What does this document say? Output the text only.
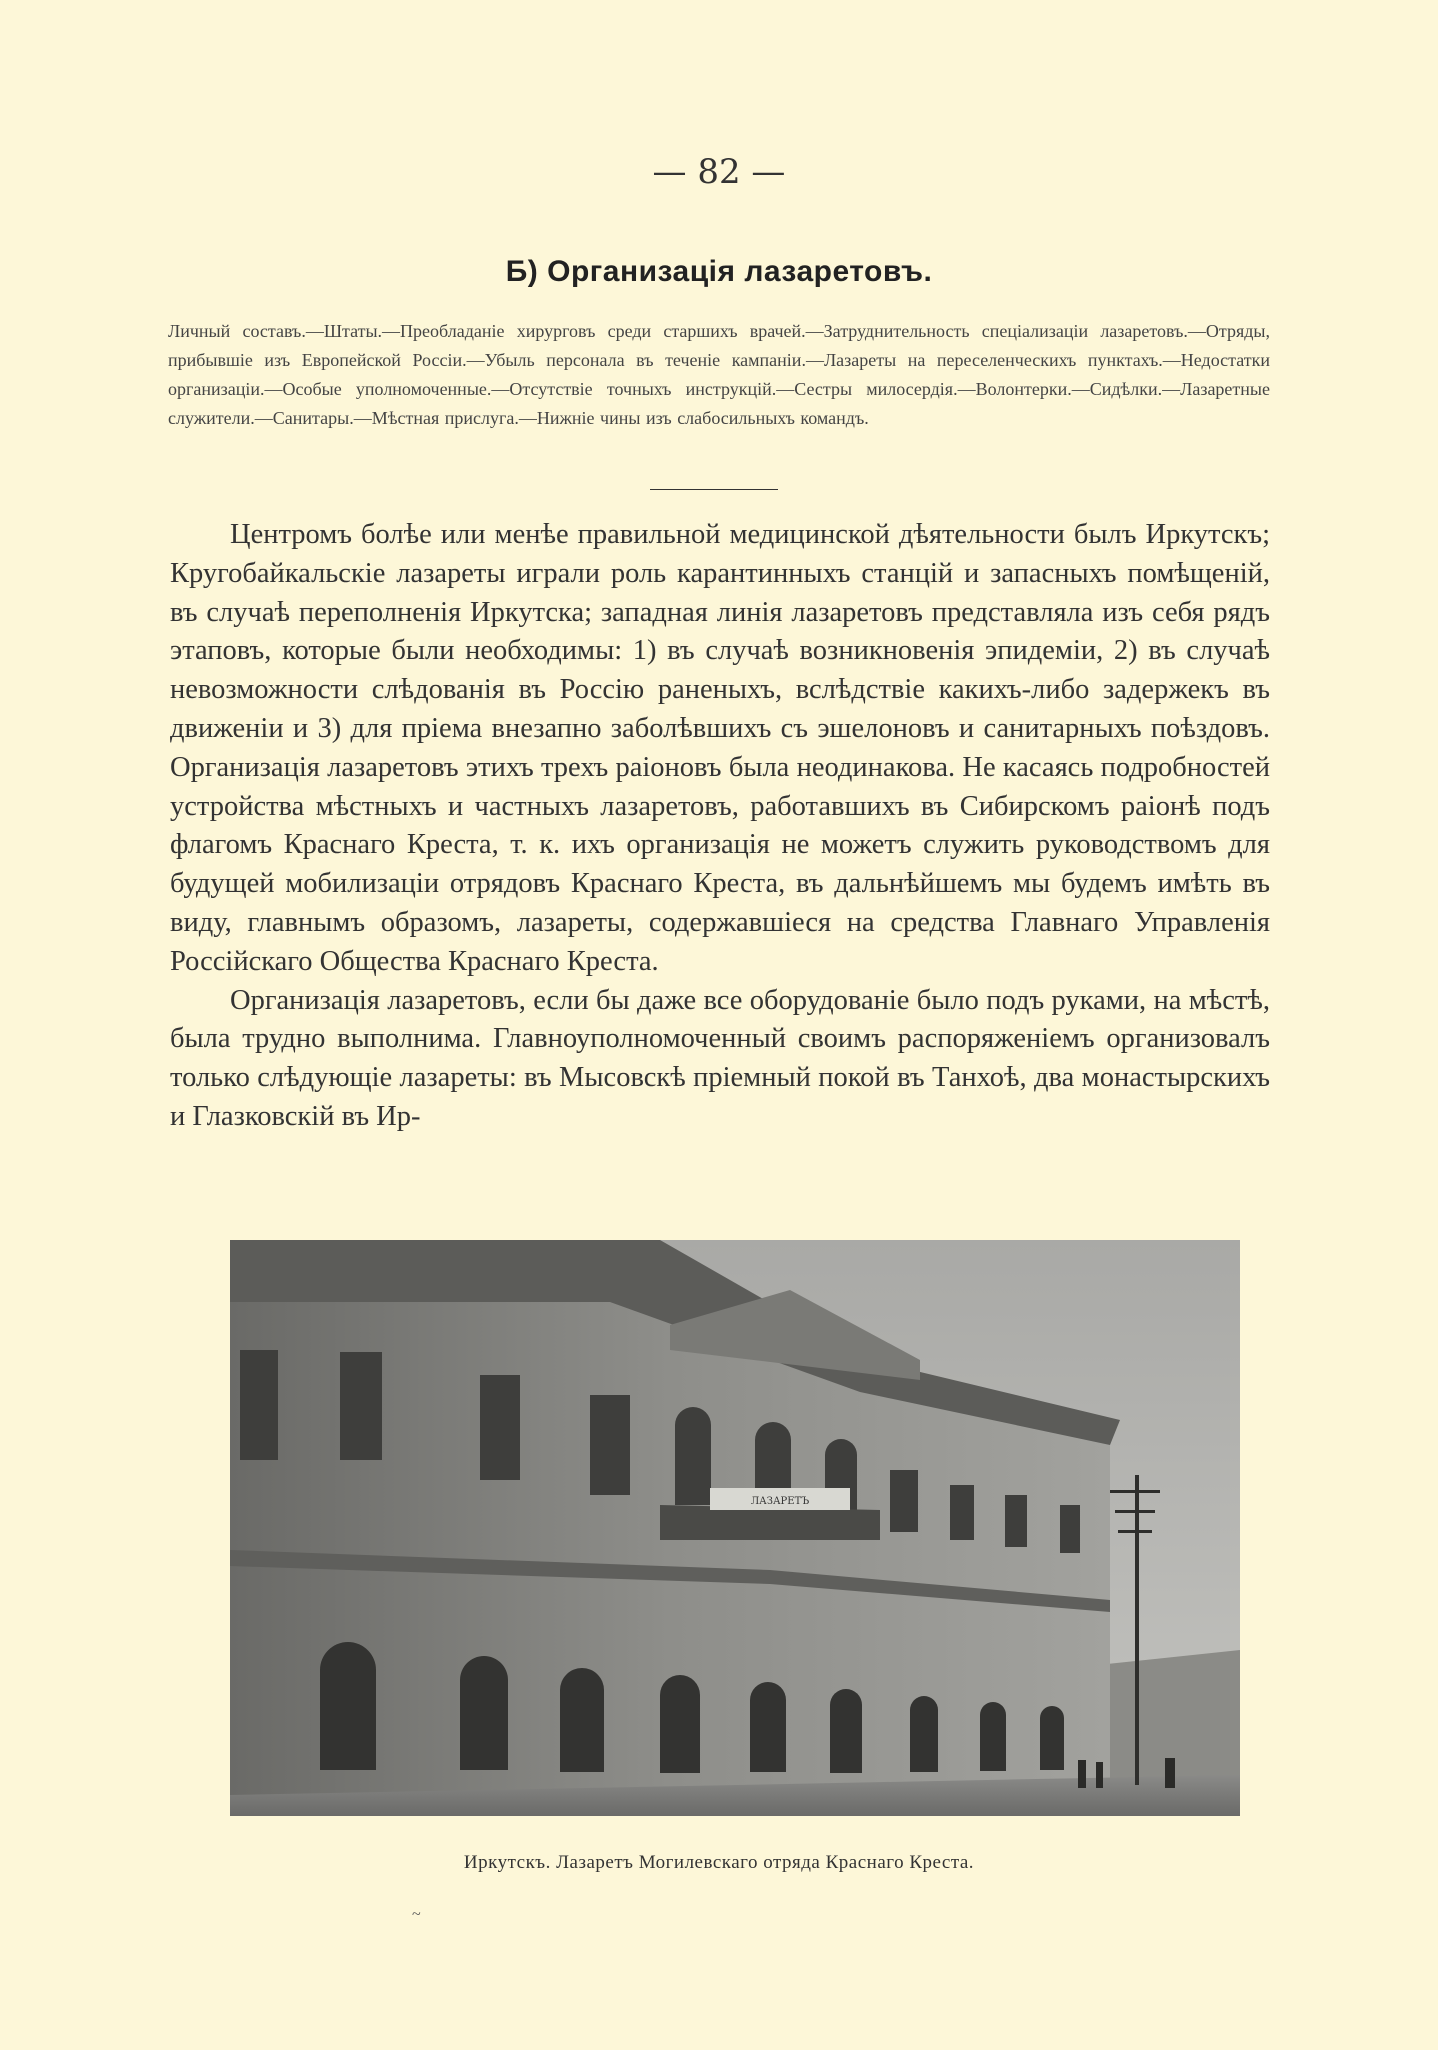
— 82 —
Б) Организація лазаретовъ.
Личный составъ.—Штаты.—Преобладаніе хирурговъ среди старшихъ врачей.—Затруднительность спеціализаціи лазаретовъ.—Отряды, прибывшіе изъ Европейской Россіи.—Убыль персонала въ теченіе кампаніи.—Лазареты на переселенческихъ пунктахъ.—Недостатки организаціи.—Особые уполномоченные.—Отсутствіе точныхъ инструкцій.—Сестры милосердія.—Волонтерки.—Сидѣлки.—Лазаретные служители.—Санитары.—Мѣстная прислуга.—Нижніе чины изъ слабосильныхъ командъ.

Центромъ болѣе или менѣе правильной медицинской дѣятельности былъ Иркутскъ; Кругобайкальскіе лазареты играли роль карантинныхъ станцій и запасныхъ помѣщеній, въ случаѣ переполненія Иркутска; западная линія лазаретовъ представляла изъ себя рядъ этаповъ, которые были необходимы: 1) въ случаѣ возникновенія эпидеміи, 2) въ случаѣ невозможности слѣдованія въ Россію раненыхъ, вслѣдствіе какихъ-либо задержекъ въ движеніи и 3) для пріема внезапно заболѣвшихъ съ эшелоновъ и санитарныхъ поѣздовъ. Организація лазаретовъ этихъ трехъ раіоновъ была неодинакова. Не касаясь подробностей устройства мѣстныхъ и частныхъ лазаретовъ, работавшихъ въ Сибирскомъ раіонѣ подъ флагомъ Краснаго Креста, т. к. ихъ организація не можетъ служить руководствомъ для будущей мобилизаціи отрядовъ Краснаго Креста, въ дальнѣйшемъ мы будемъ имѣть въ виду, главнымъ образомъ, лазареты, содержавшіеся на средства Главнаго Управленія Россійскаго Общества Краснаго Креста.

Организація лазаретовъ, если бы даже все оборудованіе было подъ руками, на мѣстѣ, была трудно выполнима. Главноуполномоченный своимъ распоряженіемъ организовалъ только слѣдующіе лазареты: въ Мысовскѣ пріемный покой въ Танхоѣ, два монастырскихъ и Глазковскій въ Ир-

ЛАЗАРЕТЪ
Иркутскъ. Лазаретъ Могилевскаго отряда Краснаго Креста.
~
